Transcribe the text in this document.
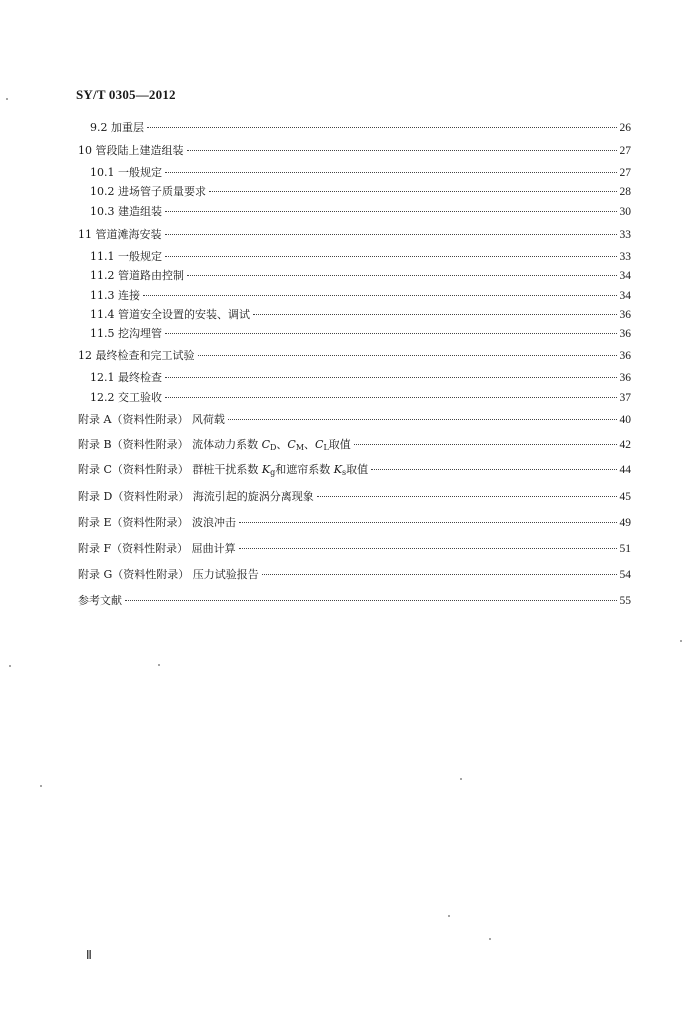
SY/T 0305—2012
9.2 加重层	26
10 管段陆上建造组装	27
10.1 一般规定	27
10.2 进场管子质量要求	28
10.3 建造组装	30
11 管道滩海安装	33
11.1 一般规定	33
11.2 管道路由控制	34
11.3 连接	34
11.4 管道安全设置的安装、调试	36
11.5 挖沟埋管	36
12 最终检查和完工试验	36
12.1 最终检查	36
12.2 交工验收	37
附录 A（资料性附录） 风荷载	40
附录 B（资料性附录） 流体动力系数 $C_D$、$C_M$、$C_L$取值	42
附录 C（资料性附录） 群桩干扰系数 $K_g$和遮帘系数 $K_s$取值	44
附录 D（资料性附录） 海流引起的旋涡分离现象	45
附录 E（资料性附录） 波浪冲击	49
附录 F（资料性附录） 屈曲计算	51
附录 G（资料性附录） 压力试验报告	54
参考文献	55
Ⅱ
